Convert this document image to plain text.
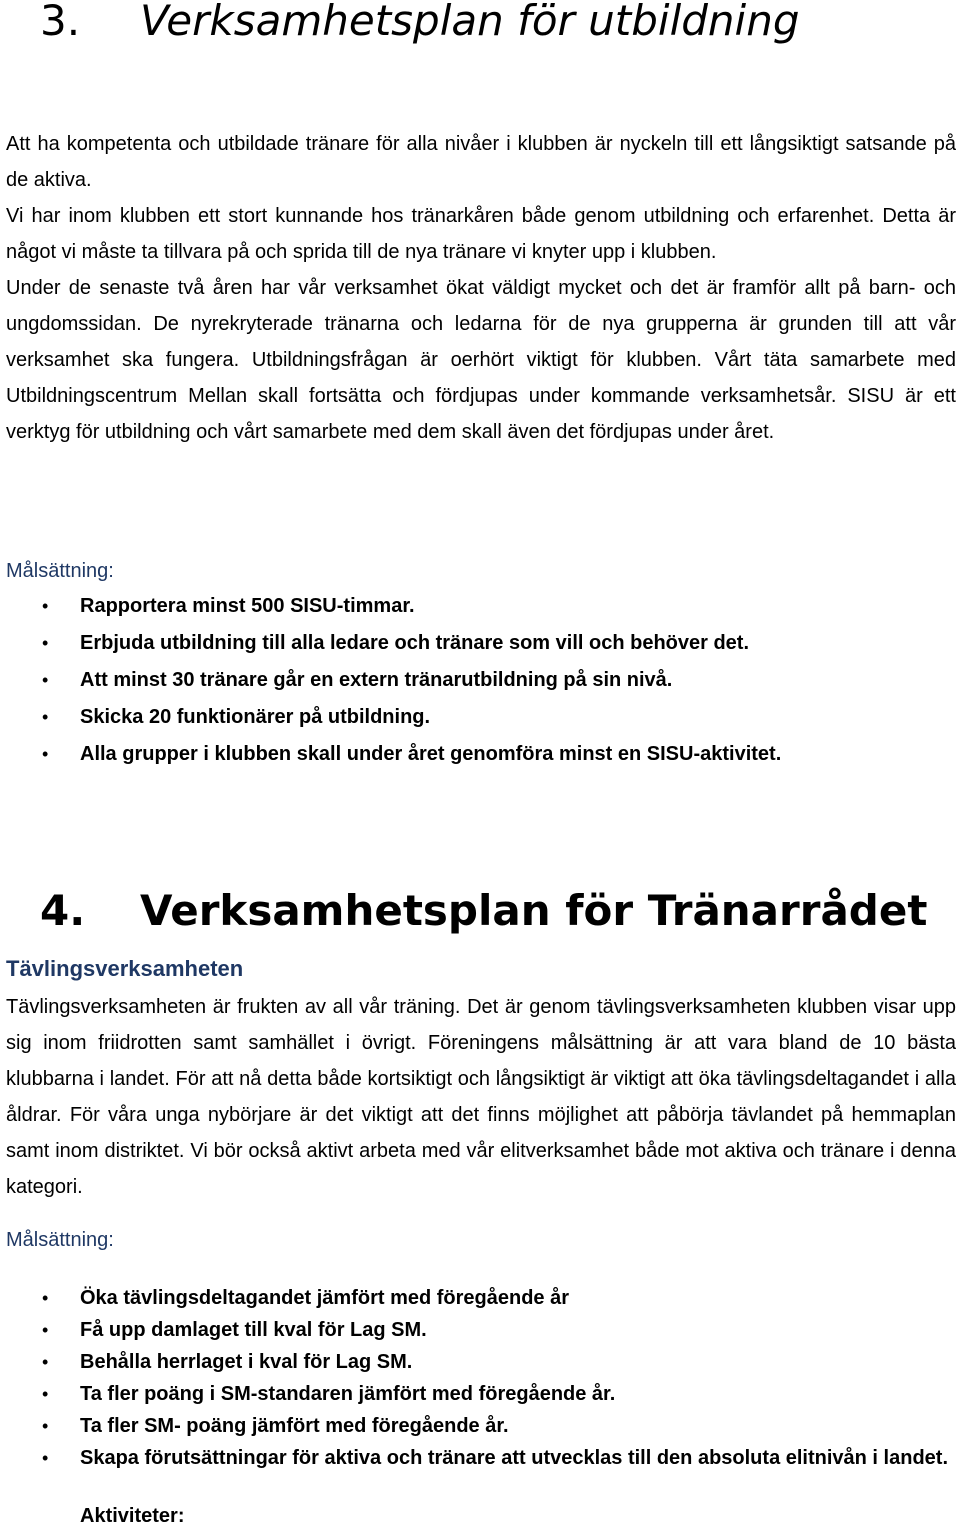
3. Verksamhetsplan för utbildning

Att ha kompetenta och utbildade tränare för alla nivåer i klubben är nyckeln till ett långsiktigt satsande på de aktiva.

Vi har inom klubben ett stort kunnande hos tränarkåren både genom utbildning och erfarenhet. Detta är något vi måste ta tillvara på och sprida till de nya tränare vi knyter upp i klubben.

Under de senaste två åren har vår verksamhet ökat väldigt mycket och det är framför allt på barn- och ungdomssidan. De nyrekryterade tränarna och ledarna för de nya grupperna är grunden till att vår verksamhet ska fungera. Utbildningsfrågan är oerhört viktigt för klubben. Vårt täta samarbete med Utbildningscentrum Mellan skall fortsätta och fördjupas under kommande verksamhetsår. SISU är ett verktyg för utbildning och vårt samarbete med dem skall även det fördjupas under året.

Målsättning:
• Rapportera minst 500 SISU-timmar.
• Erbjuda utbildning till alla ledare och tränare som vill och behöver det.
• Att minst 30 tränare går en extern tränarutbildning på sin nivå.
• Skicka 20 funktionärer på utbildning.
• Alla grupper i klubben skall under året genomföra minst en SISU-aktivitet.
4. Verksamhetsplan för Tränarrådet
Tävlingsverksamheten

Tävlingsverksamheten är frukten av all vår träning. Det är genom tävlingsverksamheten klubben visar upp sig inom friidrotten samt samhället i övrigt. Föreningens målsättning är att vara bland de 10 bästa klubbarna i landet. För att nå detta både kortsiktigt och långsiktigt är viktigt att öka tävlingsdeltagandet i alla åldrar. För våra unga nybörjare är det viktigt att det finns möjlighet att påbörja tävlandet på hemmaplan samt inom distriktet. Vi bör också aktivt arbeta med vår elitverksamhet både mot aktiva och tränare i denna kategori.

Målsättning:
• Öka tävlingsdeltagandet jämfört med föregående år
• Få upp damlaget till kval för Lag SM.
• Behålla herrlaget i kval för Lag SM.
• Ta fler poäng i SM-standaren jämfört med föregående år.
• Ta fler SM- poäng jämfört med föregående år.
• Skapa förutsättningar för aktiva och tränare att utvecklas till den absoluta elitnivån i landet.
Aktiviteter:
